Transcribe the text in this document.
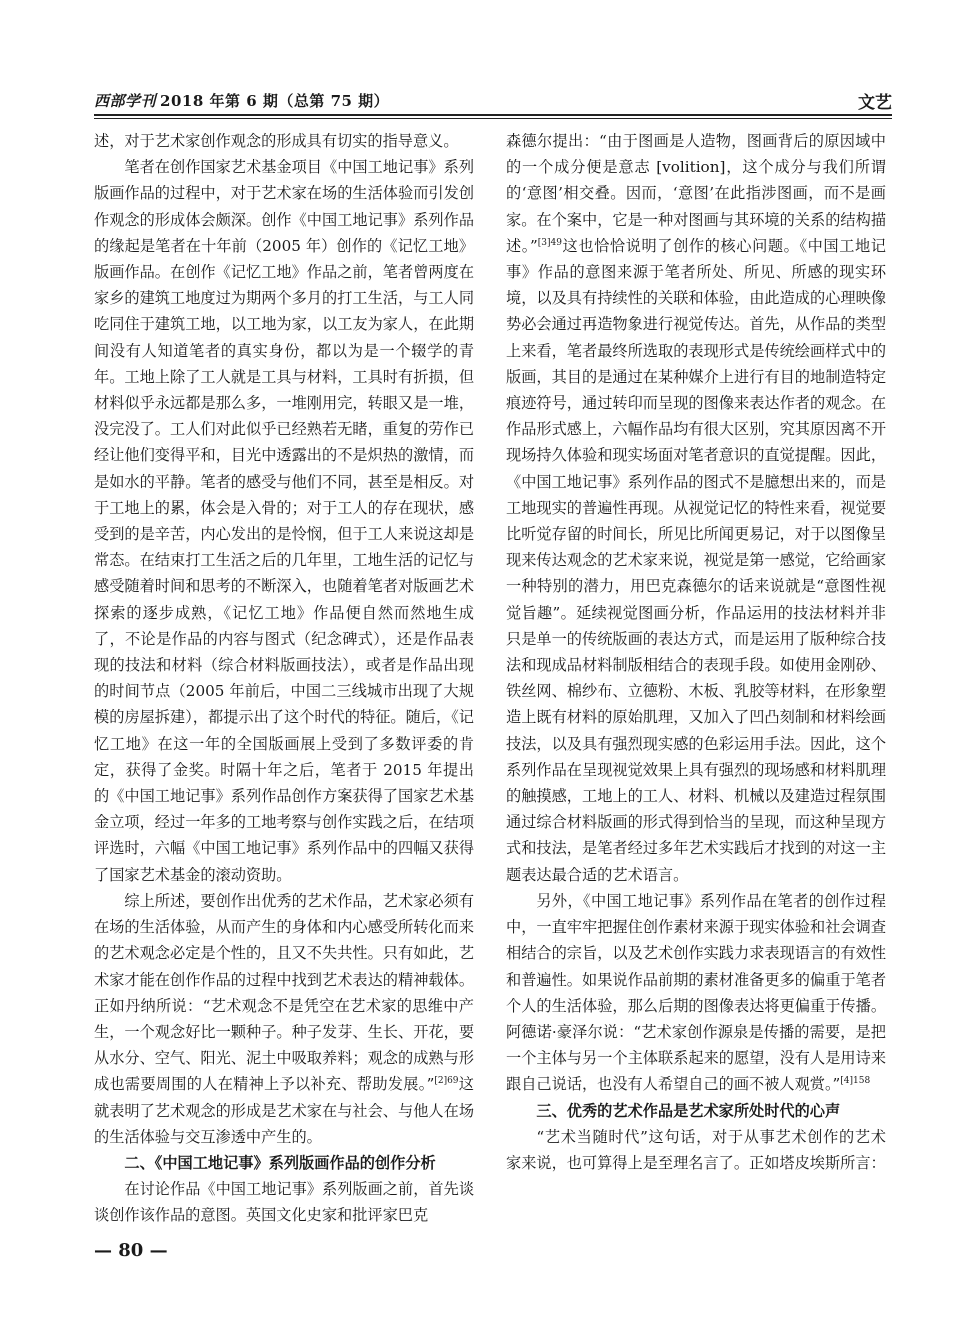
西部学刊 2018 年第 6 期（总第 75 期）	文艺

述，对于艺术家创作观念的形成具有切实的指导意义。

笔者在创作国家艺术基金项目《中国工地记事》系列版画作品的过程中，对于艺术家在场的生活体验而引发创作观念的形成体会颇深。创作《中国工地记事》系列作品的缘起是笔者在十年前（2005 年）创作的《记忆工地》版画作品。在创作《记忆工地》作品之前，笔者曾两度在家乡的建筑工地度过为期两个多月的打工生活，与工人同吃同住于建筑工地，以工地为家，以工友为家人，在此期间没有人知道笔者的真实身份，都以为是一个辍学的青年。工地上除了工人就是工具与材料，工具时有折损，但材料似乎永远都是那么多，一堆刚用完，转眼又是一堆，没完没了。工人们对此似乎已经熟若无睹，重复的劳作已经让他们变得平和，目光中透露出的不是炽热的激情，而是如水的平静。笔者的感受与他们不同，甚至是相反。对于工地上的累，体会是入骨的；对于工人的存在现状，感受到的是辛苦，内心发出的是怜悯，但于工人来说这却是常态。在结束打工生活之后的几年里，工地生活的记忆与感受随着时间和思考的不断深入，也随着笔者对版画艺术探索的逐步成熟，《记忆工地》作品便自然而然地生成了，不论是作品的内容与图式（纪念碑式），还是作品表现的技法和材料（综合材料版画技法），或者是作品出现的时间节点（2005 年前后，中国二三线城市出现了大规模的房屋拆建），都提示出了这个时代的特征。随后，《记忆工地》在这一年的全国版画展上受到了多数评委的肯定，获得了金奖。时隔十年之后，笔者于 2015 年提出的《中国工地记事》系列作品创作方案获得了国家艺术基金立项，经过一年多的工地考察与创作实践之后，在结项评选时，六幅《中国工地记事》系列作品中的四幅又获得了国家艺术基金的滚动资助。

综上所述，要创作出优秀的艺术作品，艺术家必须有在场的生活体验，从而产生的身体和内心感受所转化而来的艺术观念必定是个性的，且又不失共性。只有如此，艺术家才能在创作作品的过程中找到艺术表达的精神载体。正如丹纳所说：“艺术观念不是凭空在艺术家的思维中产生，一个观念好比一颗种子。种子发芽、生长、开花，要从水分、空气、阳光、泥土中吸取养料；观念的成熟与形成也需要周围的人在精神上予以补充、帮助发展。”$^{[2]69}$这就表明了艺术观念的形成是艺术家在与社会、与他人在场的生活体验与交互渗透中产生的。

二、《中国工地记事》系列版画作品的创作分析

在讨论作品《中国工地记事》系列版画之前，首先谈谈创作该作品的意图。英国文化史家和批评家巴克

森德尔提出：“由于图画是人造物，图画背后的原因域中的一个成分便是意志 [volition]，这个成分与我们所谓的‘意图’相交叠。因而，‘意图’在此指涉图画，而不是画家。在个案中，它是一种对图画与其环境的关系的结构描述。”$^{[3]49}$这也恰恰说明了创作的核心问题。《中国工地记事》作品的意图来源于笔者所处、所见、所感的现实环境，以及具有持续性的关联和体验，由此造成的心理映像势必会通过再造物象进行视觉传达。首先，从作品的类型上来看，笔者最终所选取的表现形式是传统绘画样式中的版画，其目的是通过在某种媒介上进行有目的地制造特定痕迹符号，通过转印而呈现的图像来表达作者的观念。在作品形式感上，六幅作品均有很大区别，究其原因离不开现场持久体验和现实场面对笔者意识的直觉提醒。因此，《中国工地记事》系列作品的图式不是臆想出来的，而是工地现实的普遍性再现。从视觉记忆的特性来看，视觉要比听觉存留的时间长，所见比所闻更易记，对于以图像呈现来传达观念的艺术家来说，视觉是第一感觉，它给画家一种特别的潜力，用巴克森德尔的话来说就是“意图性视觉旨趣”。延续视觉图画分析，作品运用的技法材料并非只是单一的传统版画的表达方式，而是运用了版种综合技法和现成品材料制版相结合的表现手段。如使用金刚砂、铁丝网、棉纱布、立德粉、木板、乳胶等材料，在形象塑造上既有材料的原始肌理，又加入了凹凸刻制和材料绘画技法，以及具有强烈现实感的色彩运用手法。因此，这个系列作品在呈现视觉效果上具有强烈的现场感和材料肌理的触摸感，工地上的工人、材料、机械以及建造过程氛围通过综合材料版画的形式得到恰当的呈现，而这种呈现方式和技法，是笔者经过多年艺术实践后才找到的对这一主题表达最合适的艺术语言。

另外，《中国工地记事》系列作品在笔者的创作过程中，一直牢牢把握住创作素材来源于现实体验和社会调查相结合的宗旨，以及艺术创作实践力求表现语言的有效性和普遍性。如果说作品前期的素材准备更多的偏重于笔者个人的生活体验，那么后期的图像表达将更偏重于传播。阿德诺·豪泽尔说：“艺术家创作源泉是传播的需要，是把一个主体与另一个主体联系起来的愿望，没有人是用诗来跟自己说话，也没有人希望自己的画不被人观赏。”$^{[4]158}$

三、优秀的艺术作品是艺术家所处时代的心声

“艺术当随时代”这句话，对于从事艺术创作的艺术家来说，也可算得上是至理名言了。正如塔皮埃斯所言：

— 80 —
